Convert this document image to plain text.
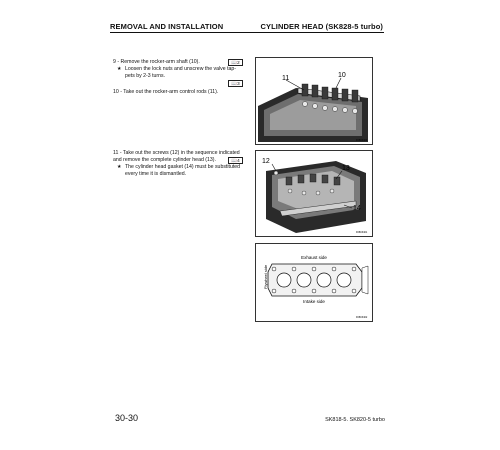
REMOVAL AND INSTALLATION	CYLINDER HEAD (SK828-5 turbo)
9 - Remove the rocker-arm shaft (10).
★ Loosen the lock nuts and unscrew the valve tap-pets by 2-3 turns.
📖2
📖3
10 - Take out the rocker-arm control rods (11).
11 - Take out the screws (12) in the sequence indicated and remove the complete cylinder head (13).
★ The cylinder head gasket (14) must be substituted every time it is dismantled.
📖4
11	10
F0803400
12
13
14
F0803401
Exhaust side
Intake side
Flywheel side
F0803402
30-30	SK818-5. SK820-5 turbo
